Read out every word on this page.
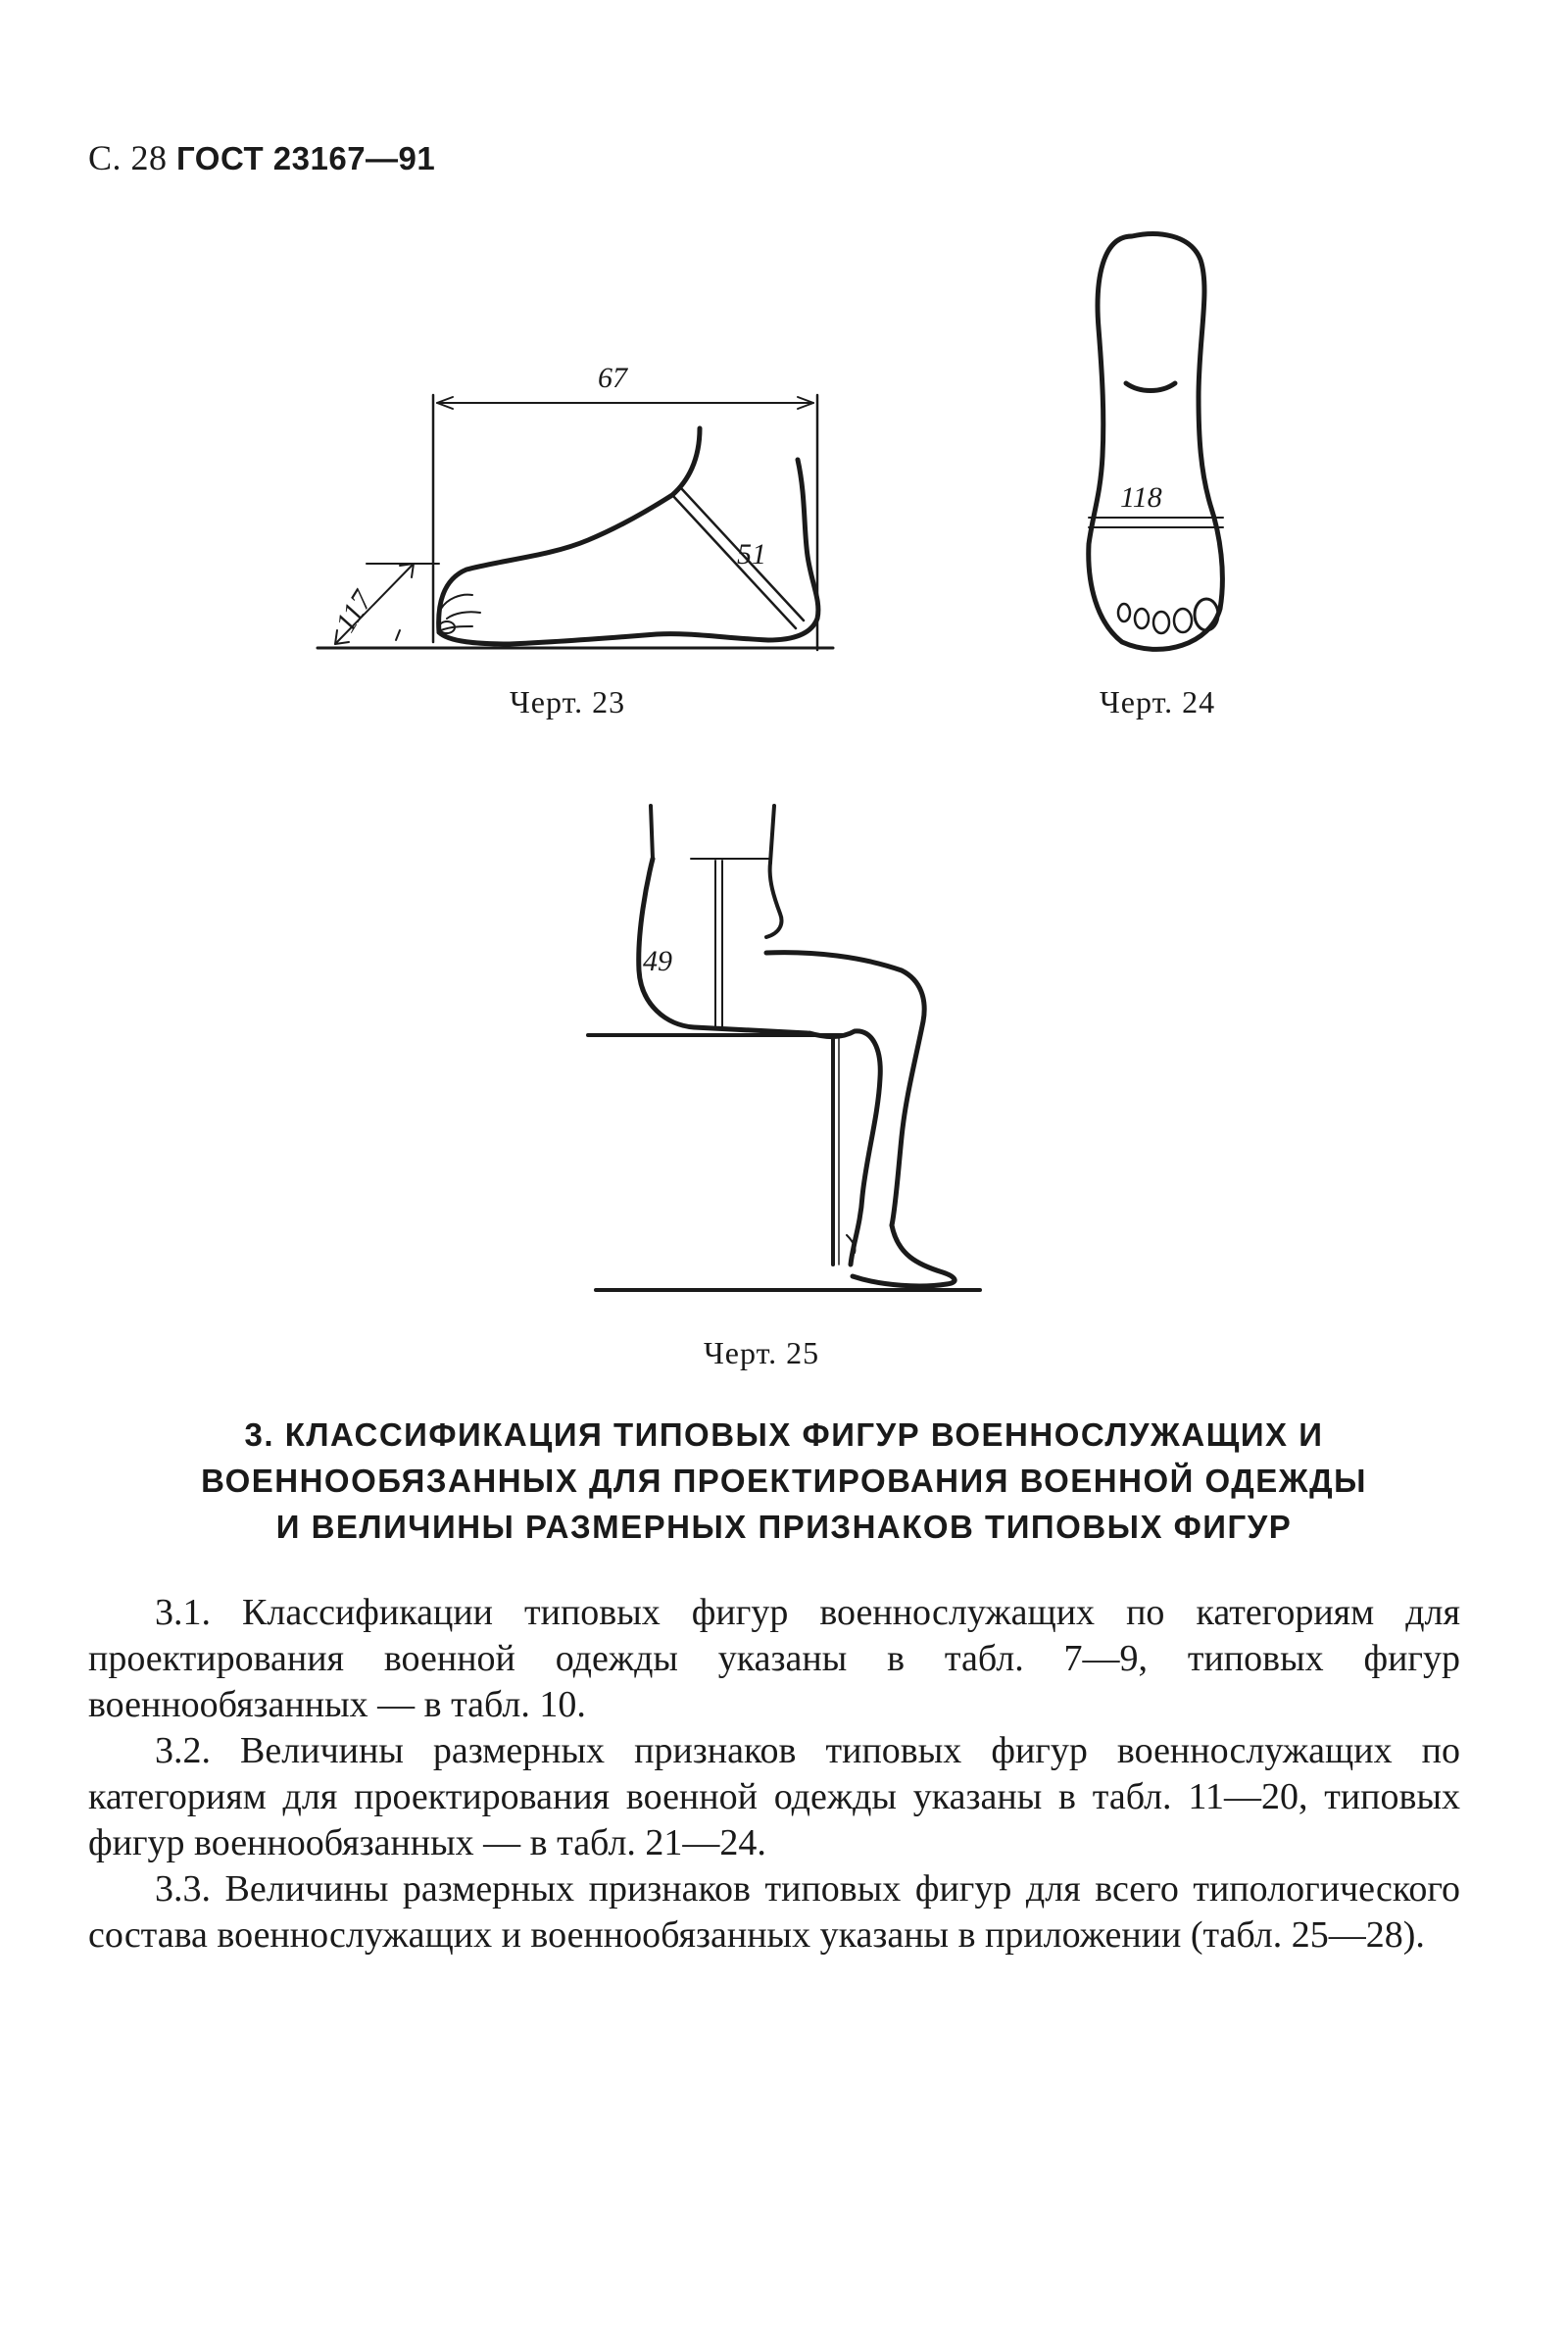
С. 28 ГОСТ 23167—91
67
51
117
Черт. 23
118
Черт. 24
49
Черт. 25
3. КЛАССИФИКАЦИЯ ТИПОВЫХ ФИГУР ВОЕННОСЛУЖАЩИХ И
ВОЕННООБЯЗАННЫХ ДЛЯ ПРОЕКТИРОВАНИЯ ВОЕННОЙ ОДЕЖДЫ
И ВЕЛИЧИНЫ РАЗМЕРНЫХ ПРИЗНАКОВ ТИПОВЫХ ФИГУР

3.1. Классификации типовых фигур военнослужащих по категориям для проектирования военной одежды указаны в табл. 7—9, типовых фигур военнообязанных — в табл. 10.

3.2. Величины размерных признаков типовых фигур военнослужащих по категориям для проектирования военной одежды указаны в табл. 11—20, типовых фигур военнообязанных — в табл. 21—24.

3.3. Величины размерных признаков типовых фигур для всего типологического состава военнослужащих и военнообязанных указаны в приложении (табл. 25—28).
